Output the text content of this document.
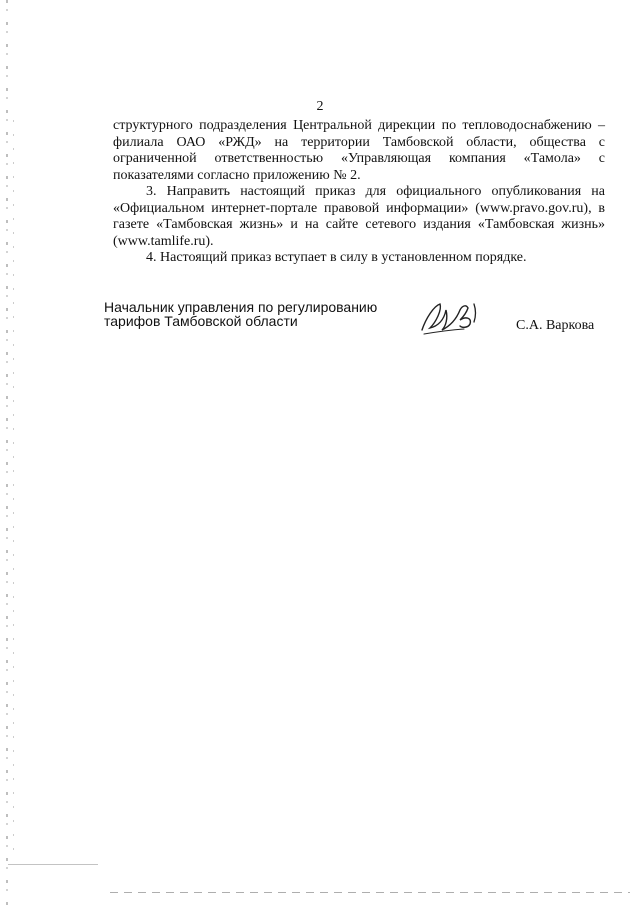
2

структурного подразделения Центральной дирекции по тепловодоснабжению – филиала ОАО «РЖД» на территории Тамбовской области, общества с ограниченной ответственностью «Управляющая компания «Тамола» с показателями согласно приложению № 2.

3. Направить настоящий приказ для официального опубликования на «Официальном интернет-портале правовой информации» (www.pravo.gov.ru), в газете «Тамбовская жизнь» и на сайте сетевого издания «Тамбовская жизнь» (www.tamlife.ru).

4. Настоящий приказ вступает в силу в установленном порядке.

Начальник управления по регулированию
тарифов Тамбовской области	С.А. Варкова
